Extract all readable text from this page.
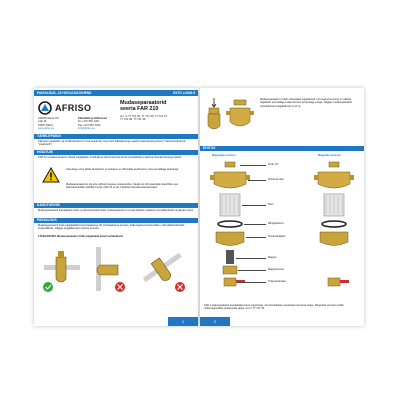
PAIGALDUS- JA HOOLDUSJUHEND	EST/1 v.2040.5
AFRISO
AFRISO Eesti OÜ
Laki 30
10621 Tallinn
www.afriso.ee
Kliendiabi ja tellimused
Tel +372 681 1201
Fax +372 681 1203
info@afriso.ee
Mudaseparaatorid
seeria FAR 210
Art. nr 77 721 35, 77 721 36, 77 721 37,
77 721 38, 77 721 39
TÄHELEPANU!
Käesolev paigaldus- ja hooldusjuhend on osa seadmest ning tuleb säilitada kogu seadme kasutusaja jooksul ("Vastavussõnad ja "Lisadoteb")
HOIATUS!
FAR 21 mudaseparaatori võivad paigaldada, hooldada ja demonteerida ainult spetsialistid ja vastava ettevalmistusega isikud.
Veenduge enne tööde alustamist, et süsteem on rõhuvaba ja jahtunud, ning eemaldage toitepinge.
Mudaseparaatori ei ole ette nähtud joogivee süsteemides. Seadet ei tohi kasutada tuleohtlike ega plahvatusohtlike vedelike korral. FAR 21 ei ole mõeldud püsivaks kasutamiseks.
KASUTUSVIIS
Mudaseparaatorit kasutatakse kütte- ja jahutussüsteemides mudaosakeste ja muude tahkete osakeste eemaldamiseks ringlevast veest.
PAIGALDUS
Mudaseparaatorit tuleb paigaldada horisontaalsesse või vertikaalsesse torusse, katla tagasivoolutorustikku, võimalikult lähedale soojusallikale. Jälgige paigaldamisel vooluse suunda.
TÄHELEPANU! Mudaseparaatori tohib paigaldada ainult vertikaalselt.
1
Mudaseparaatori 4 tuleb puhastada regulaarselt, kui kogunenud sete on nähtav. Vajadusel eemaldage kraani korpus ja loputage veega. Jälgige mudaseparaatori nõuetekohast paigaldamist (vt pt 4).
EHITUS
Magnetiga versioon	Magnetita versioon
Korki 1/2"
Kinnitusmutter
Filter
Rõngastihend
Kinnitusadapter
Magnet
Magnetti pesa
Tühjenduskraan
FAR mudaseparaatori kasutatakse koos magnetiga, mis kinnitatakse separaatori korpuse külge. Magnetita versioon sobib mittemagnetiliste süsteemide jaoks. Art.nr 77 721 36.
2
